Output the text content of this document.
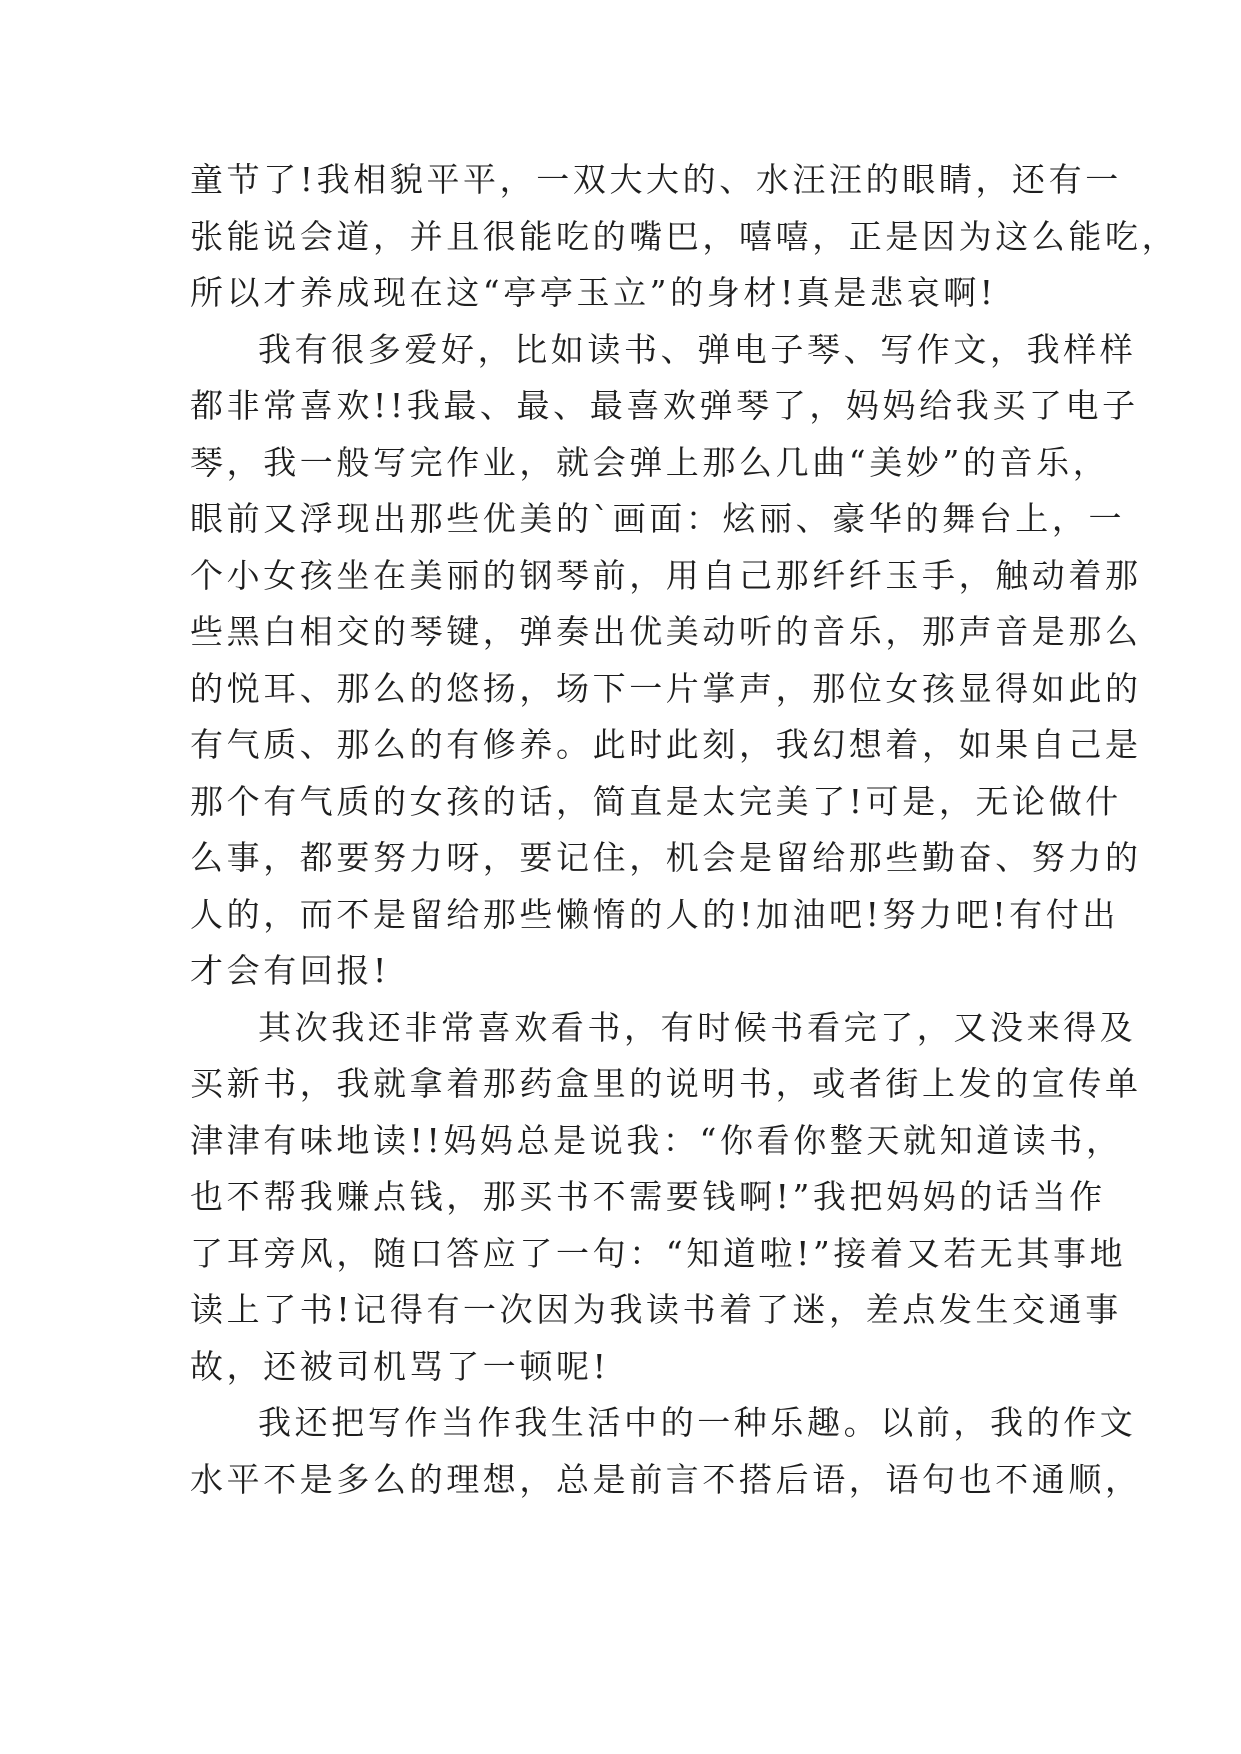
童节了!我相貌平平，一双大大的、水汪汪的眼睛，还有一
张能说会道，并且很能吃的嘴巴，嘻嘻，正是因为这么能吃，
所以才养成现在这“亭亭玉立”的身材!真是悲哀啊!
我有很多爱好，比如读书、弹电子琴、写作文，我样样
都非常喜欢!!我最、最、最喜欢弹琴了，妈妈给我买了电子
琴，我一般写完作业，就会弹上那么几曲“美妙”的音乐，
眼前又浮现出那些优美的`画面：炫丽、豪华的舞台上，一
个小女孩坐在美丽的钢琴前，用自己那纤纤玉手，触动着那
些黑白相交的琴键，弹奏出优美动听的音乐，那声音是那么
的悦耳、那么的悠扬，场下一片掌声，那位女孩显得如此的
有气质、那么的有修养。此时此刻，我幻想着，如果自己是
那个有气质的女孩的话，简直是太完美了!可是，无论做什
么事，都要努力呀，要记住，机会是留给那些勤奋、努力的
人的，而不是留给那些懒惰的人的!加油吧!努力吧!有付出
才会有回报!
其次我还非常喜欢看书，有时候书看完了，又没来得及
买新书，我就拿着那药盒里的说明书，或者街上发的宣传单
津津有味地读!!妈妈总是说我：“你看你整天就知道读书，
也不帮我赚点钱，那买书不需要钱啊!”我把妈妈的话当作
了耳旁风，随口答应了一句：“知道啦!”接着又若无其事地
读上了书!记得有一次因为我读书着了迷，差点发生交通事
故，还被司机骂了一顿呢!
我还把写作当作我生活中的一种乐趣。以前，我的作文
水平不是多么的理想，总是前言不搭后语，语句也不通顺，
